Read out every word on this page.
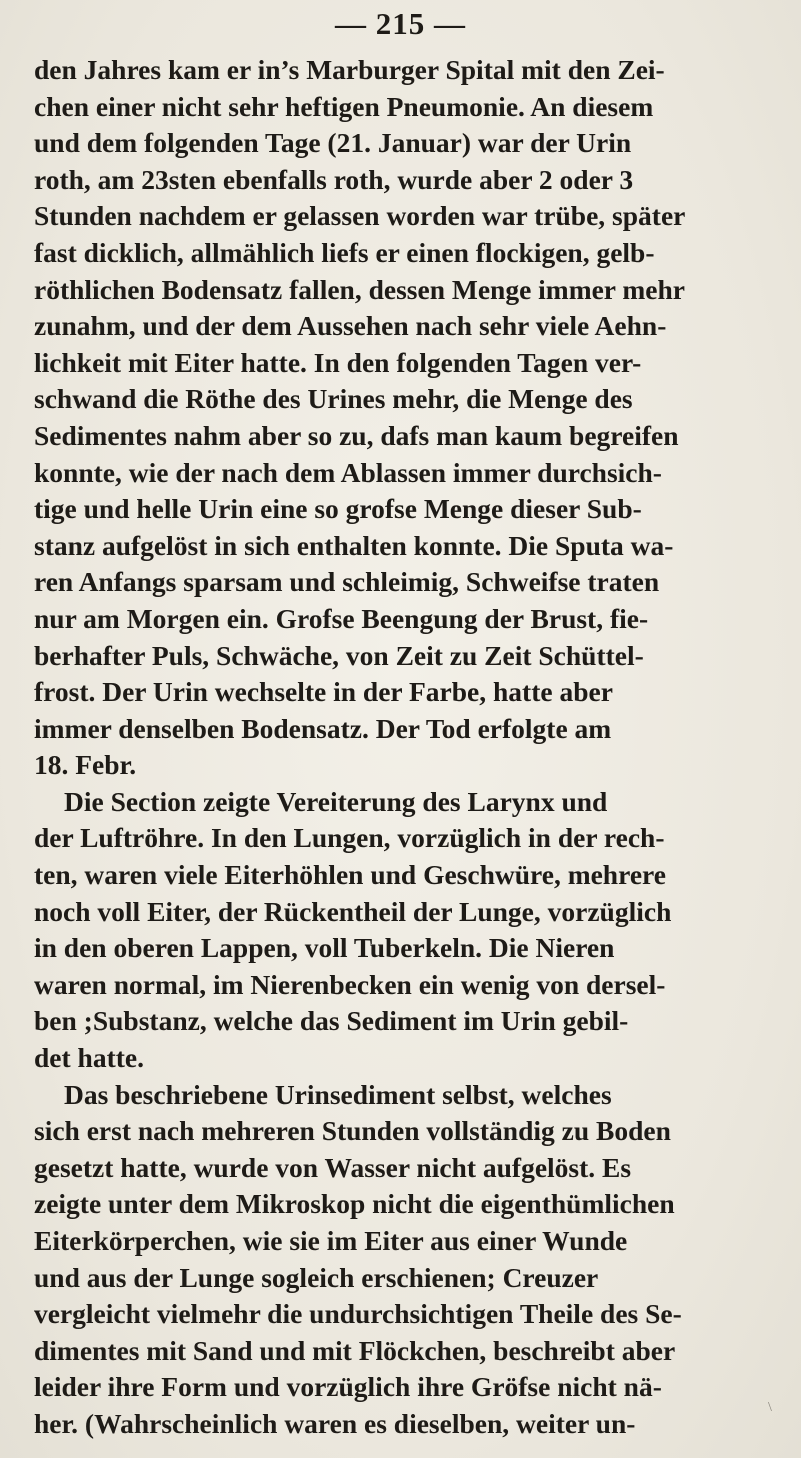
— 215 —
den Jahres kam er in’s Marburger Spital mit den Zei-
chen einer nicht sehr heftigen Pneumonie. An diesem
und dem folgenden Tage (21. Januar) war der Urin
roth, am 23sten ebenfalls roth, wurde aber 2 oder 3
Stunden nachdem er gelassen worden war trübe, später
fast dicklich, allmählich liefs er einen flockigen, gelb-
röthlichen Bodensatz fallen, dessen Menge immer mehr
zunahm, und der dem Aussehen nach sehr viele Aehn-
lichkeit mit Eiter hatte. In den folgenden Tagen ver-
schwand die Röthe des Urines mehr, die Menge des
Sedimentes nahm aber so zu, dafs man kaum begreifen
konnte, wie der nach dem Ablassen immer durchsich-
tige und helle Urin eine so grofse Menge dieser Sub-
stanz aufgelöst in sich enthalten konnte. Die Sputa wa-
ren Anfangs sparsam und schleimig, Schweifse traten
nur am Morgen ein. Grofse Beengung der Brust, fie-
berhafter Puls, Schwäche, von Zeit zu Zeit Schüttel-
frost. Der Urin wechselte in der Farbe, hatte aber
immer denselben Bodensatz. Der Tod erfolgte am
18. Febr.
Die Section zeigte Vereiterung des Larynx und
der Luftröhre. In den Lungen, vorzüglich in der rech-
ten, waren viele Eiterhöhlen und Geschwüre, mehrere
noch voll Eiter, der Rückentheil der Lunge, vorzüglich
in den oberen Lappen, voll Tuberkeln. Die Nieren
waren normal, im Nierenbecken ein wenig von dersel-
ben ;Substanz, welche das Sediment im Urin gebil-
det hatte.
Das beschriebene Urinsediment selbst, welches
sich erst nach mehreren Stunden vollständig zu Boden
gesetzt hatte, wurde von Wasser nicht aufgelöst. Es
zeigte unter dem Mikroskop nicht die eigenthümlichen
Eiterkörperchen, wie sie im Eiter aus einer Wunde
und aus der Lunge sogleich erschienen; Creuzer
vergleicht vielmehr die undurchsichtigen Theile des Se-
dimentes mit Sand und mit Flöckchen, beschreibt aber
leider ihre Form und vorzüglich ihre Gröfse nicht nä-
her. (Wahrscheinlich waren es dieselben, weiter un-
\
